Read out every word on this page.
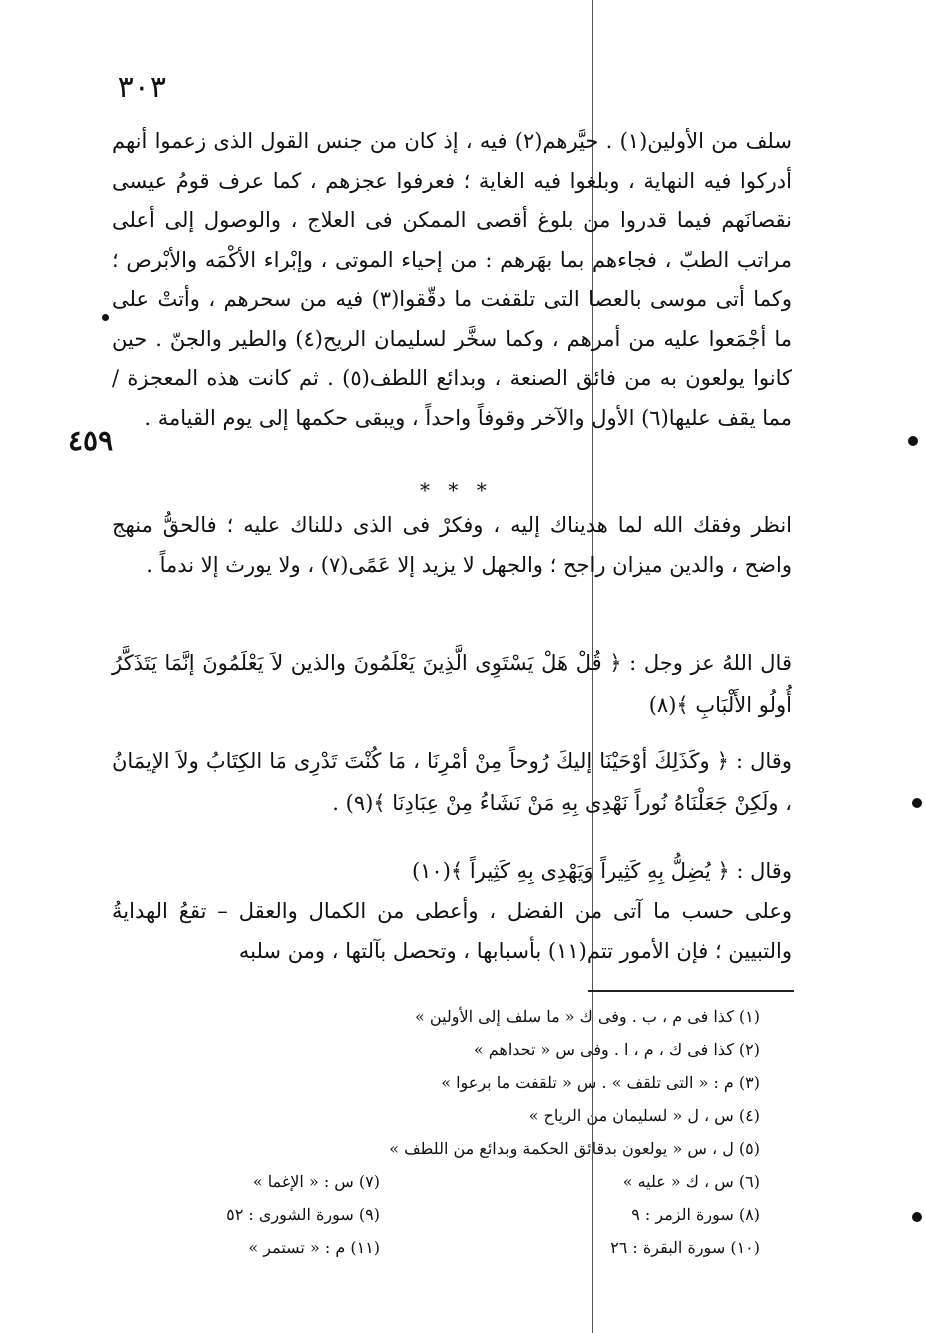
٣٠٣
٤٥٩

سلف من الأولين(١) . حيَّرهم(٢) فيه ، إذ كان من جنس القول الذى زعموا أنهم أدركوا فيه النهاية ، وبلغوا فيه الغاية ؛ فعرفوا عجزهم ، كما عرف قومُ عيسى نقصانَهم فيما قدروا من بلوغ أقصى الممكن فى العلاج ، والوصول إلى أعلى مراتب الطبّ ، فجاءهم بما بهَرهم : من إحياء الموتى ، وإبْراء الأكْمَه والأبْرص ؛ وكما أتى موسى بالعصا التى تلقفت ما دقّقوا(٣) فيه من سحرهم ، وأتتْ على ما أجْمَعوا عليه من أمرهم ، وكما سخَّر لسليمان الريح(٤) والطير والجنّ . حين كانوا يولعون به من فائق الصنعة ، وبدائع اللطف(٥) . ثم كانت هذه المعجزة / مما يقف عليها(٦) الأول والآخر وقوفاً واحداً ، ويبقى حكمها إلى يوم القيامة .

* * *

انظر وفقك الله لما هديناك إليه ، وفكرْ فى الذى دللناك عليه ؛ فالحقُّ منهج واضح ، والدين ميزان راجح ؛ والجهل لا يزيد إلا عَمًى(٧) ، ولا يورث إلا ندماً .

قال اللهُ عز وجل : ﴿ قُلْ هَلْ يَسْتَوِى الَّذِينَ يَعْلَمُونَ والذين لاَ يَعْلَمُونَ إنَّمَا يَتَذَكَّرُ أُولُو الأَلْبَابِ ﴾(٨)

وقال : ﴿ وكَذَلِكَ أوْحَيْنَا إليكَ رُوحاً مِنْ أمْرِنَا ، مَا كُنْتَ تَدْرِى مَا الكِتَابُ ولاَ الإيمَانُ ، ولَكِنْ جَعَلْنَاهُ نُوراً نَهْدِى بِهِ مَنْ نَشَاءُ مِنْ عِبَادِنَا ﴾(٩) .

وقال : ﴿ يُضِلُّ بِهِ كَثِيراً وَيَهْدِى بِهِ كَثِيراً ﴾(١٠)

وعلى حسب ما آتى من الفضل ، وأعطى من الكمال والعقل – تقعُ الهدايةُ والتبيين ؛ فإن الأمور تتم(١١) بأسبابها ، وتحصل بآلتها ، ومن سلبه

(١) كذا فى م ، ب . وفى ك « ما سلف إلى الأولين »
(٢) كذا فى ك ، م ، ا . وفى س « تحداهم »
(٣) م : « التى تلقف » . س « تلقفت ما برعوا »
(٤) س ، ل « لسليمان من الرياح »
(٥) ل ، س « يولعون بدقائق الحكمة وبدائع من اللطف »
(٦) س ، ك « عليه »
(٧) س : « الإغما »
(٨) سورة الزمر : ٩
(٩) سورة الشورى : ٥٢
(١٠) سورة البقرة : ٢٦
(١١) م : « تستمر »
